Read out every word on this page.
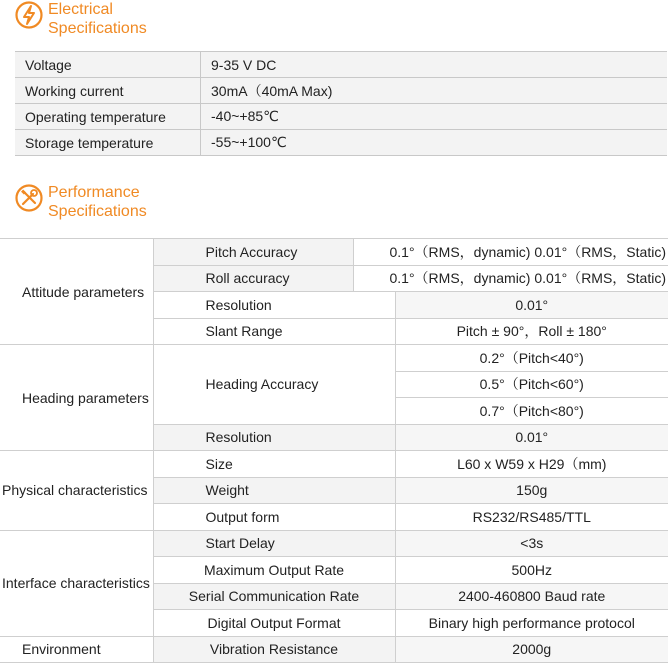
Electrical
Specifications
Voltage	9-35 V DC
Working current	30mA（40mA Max)
Operating temperature	-40~+85℃
Storage temperature	-55~+100℃
Performance
Specifications
Attitude parameters	Pitch Accuracy	0.1°（RMS，dynamic) 0.01°（RMS，Static)	
	Roll accuracy	0.1°（RMS，dynamic) 0.01°（RMS，Static)	
	Resolution		0.01°
	Slant Range		Pitch ± 90°，Roll ± 180°
Heading parameters	Heading Accuracy		0.2°（Pitch<40°)
			0.5°（Pitch<60°)
			0.7°（Pitch<80°)
	Resolution		0.01°
Physical characteristics	Size		L60 x W59 x H29（mm)
	Weight		150g
	Output form		RS232/RS485/TTL
Interface characteristics	Start Delay		<3s
	Maximum Output Rate		500Hz
	Serial Communication Rate		2400-460800 Baud rate
	Digital Output Format		Binary high performance protocol
Environment	Vibration Resistance		2000g
